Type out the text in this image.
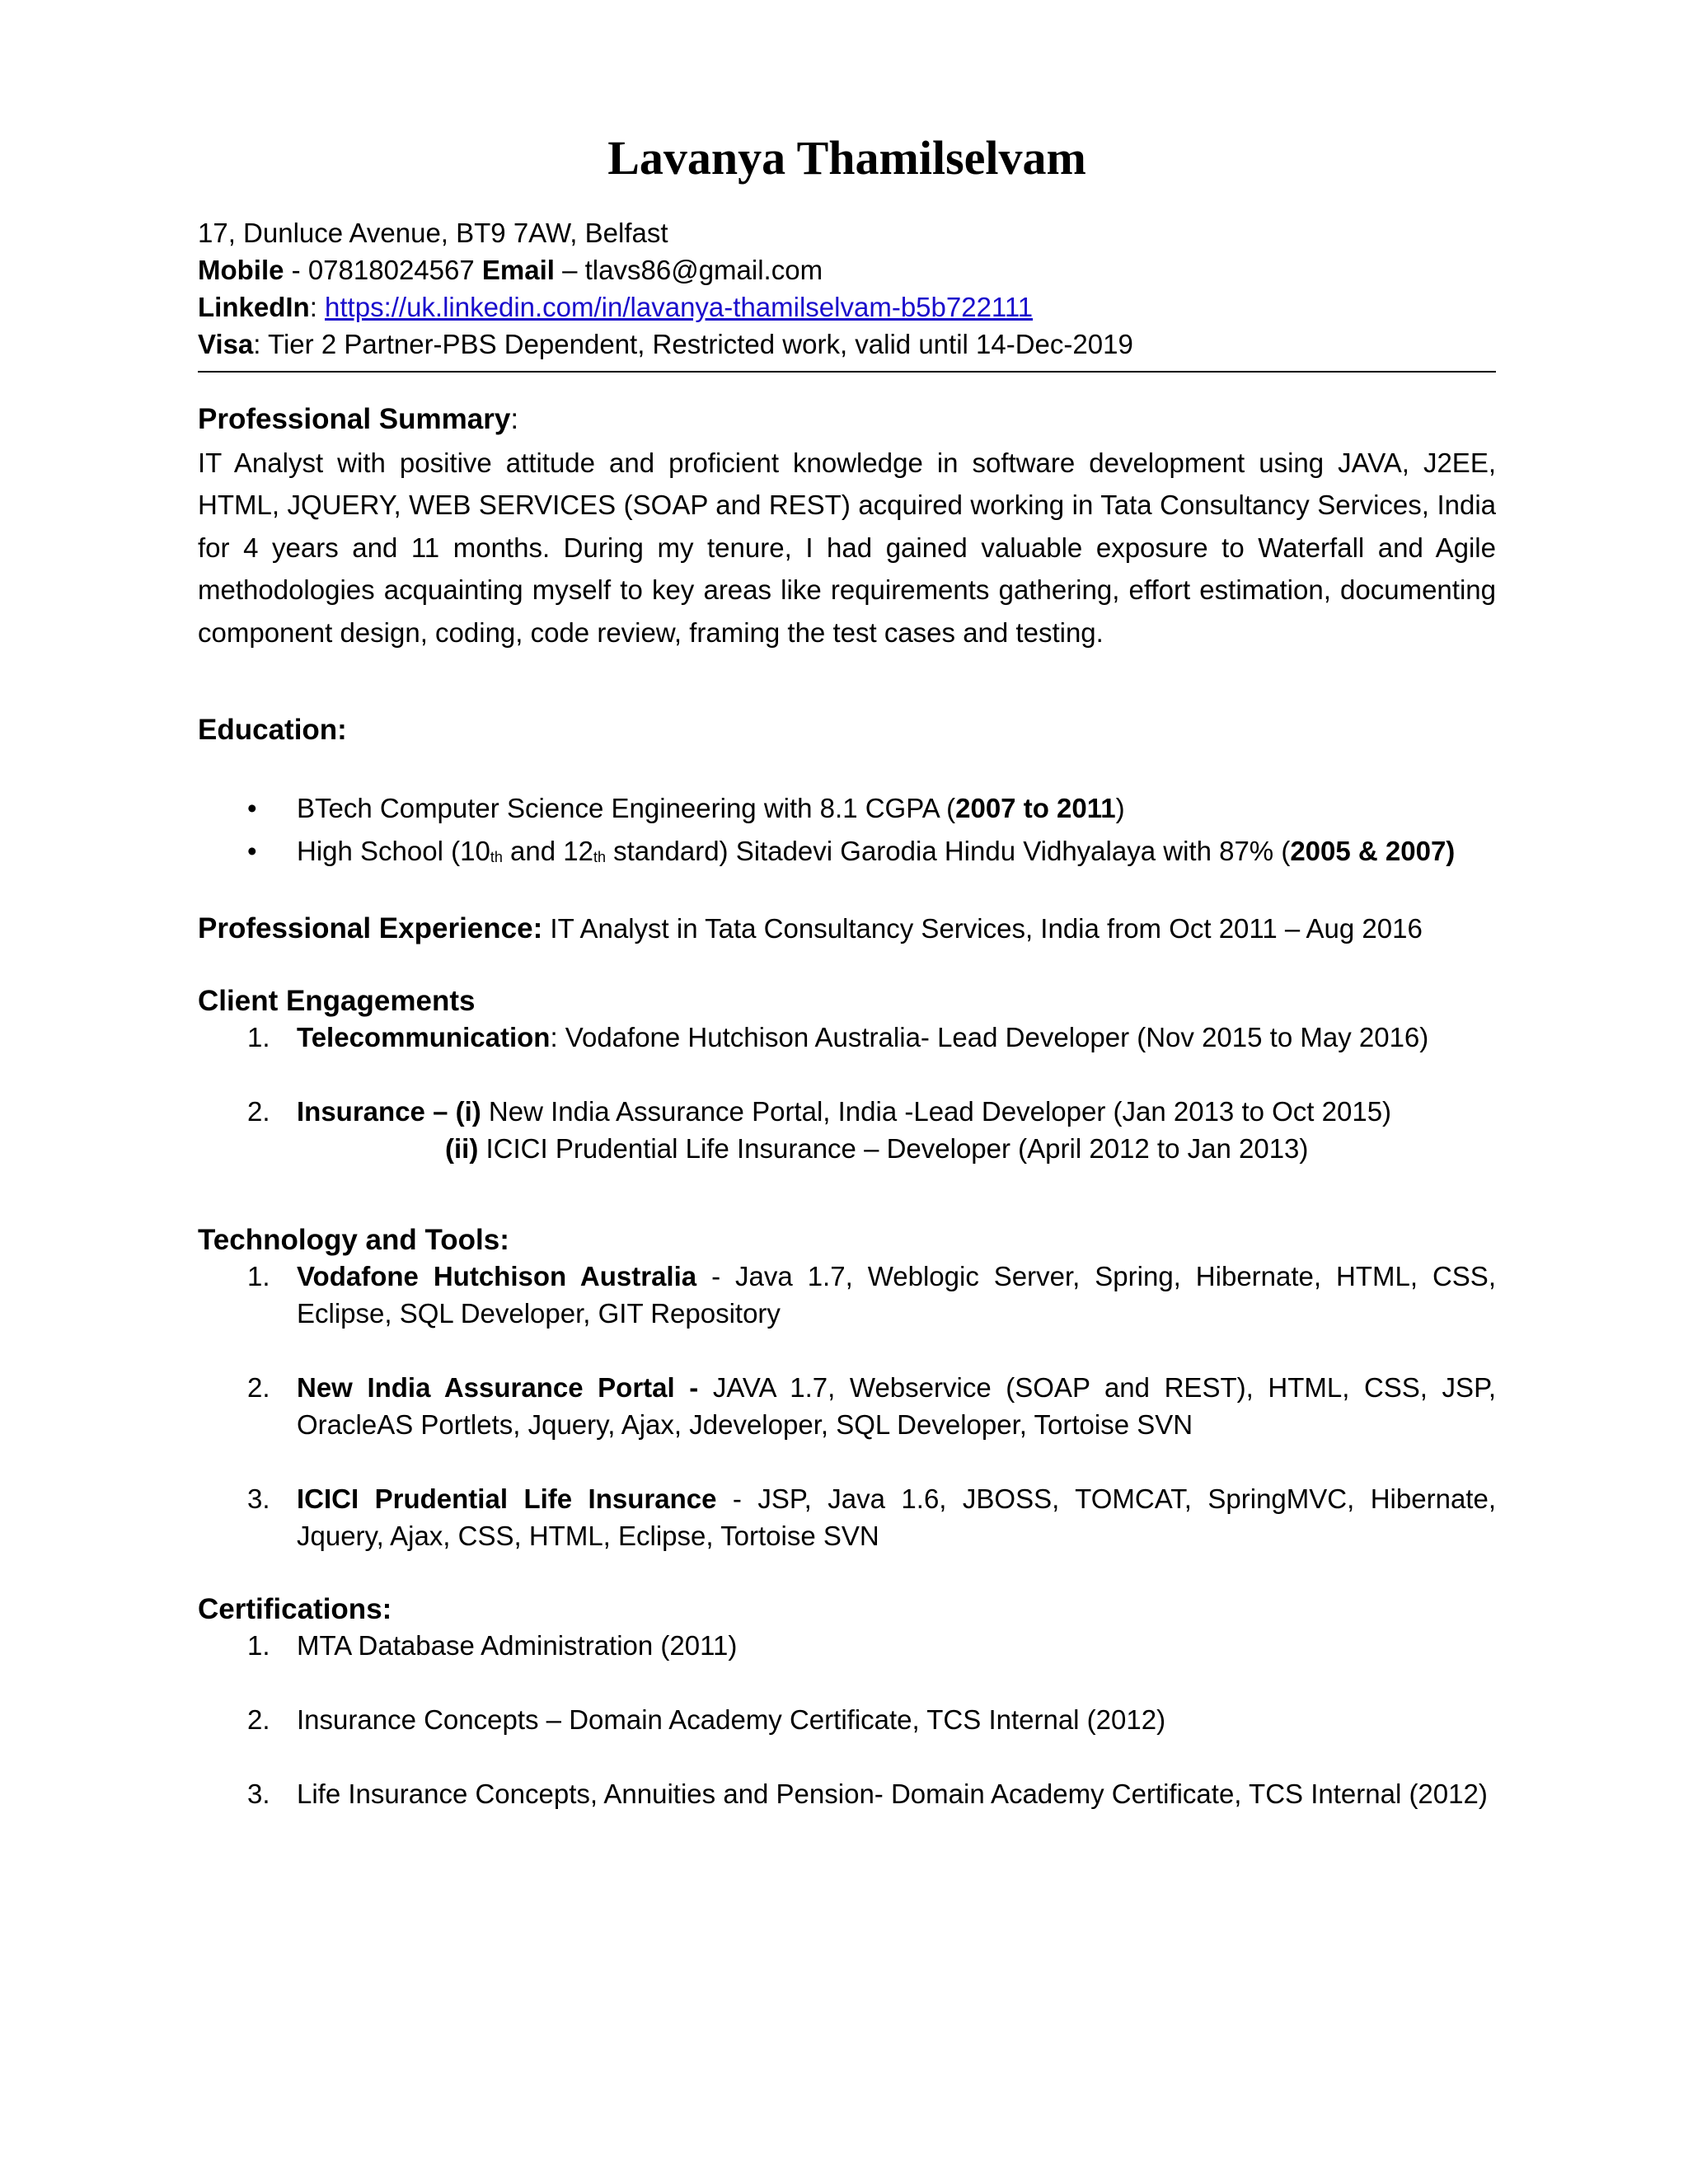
Lavanya Thamilselvam
17, Dunluce Avenue, BT9 7AW, Belfast
Mobile - 07818024567 Email – tlavs86@gmail.com
LinkedIn: https://uk.linkedin.com/in/lavanya-thamilselvam-b5b722111
Visa: Tier 2 Partner-PBS Dependent, Restricted work, valid until 14-Dec-2019
Professional Summary:

IT Analyst with positive attitude and proficient knowledge in software development using JAVA, J2EE, HTML, JQUERY, WEB SERVICES (SOAP and REST) acquired working in Tata Consultancy Services, India for 4 years and 11 months. During my tenure, I had gained valuable exposure to Waterfall and Agile methodologies acquainting myself to key areas like requirements gathering, effort estimation, documenting component design, coding, code review, framing the test cases and testing.

Education:
• BTech Computer Science Engineering with 8.1 CGPA (2007 to 2011)
• High School ($10_{th}$ and $12_{th}$ standard) Sitadevi Garodia Hindu Vidhyalaya with 87% (2005 & 2007)
Professional Experience: IT Analyst in Tata Consultancy Services, India from Oct 2011 – Aug 2016
Client Engagements
1. Telecommunication: Vodafone Hutchison Australia- Lead Developer (Nov 2015 to May 2016)
2. Insurance – (i) New India Assurance Portal, India -Lead Developer (Jan 2013 to Oct 2015)
(ii) ICICI Prudential Life Insurance – Developer (April 2012 to Jan 2013)
Technology and Tools:
1. Vodafone Hutchison Australia - Java 1.7, Weblogic Server, Spring, Hibernate, HTML, CSS, Eclipse, SQL Developer, GIT Repository
2. New India Assurance Portal - JAVA 1.7, Webservice (SOAP and REST), HTML, CSS, JSP, OracleAS Portlets, Jquery, Ajax, Jdeveloper, SQL Developer, Tortoise SVN
3. ICICI Prudential Life Insurance - JSP, Java 1.6, JBOSS, TOMCAT, SpringMVC, Hibernate, Jquery, Ajax, CSS, HTML, Eclipse, Tortoise SVN
Certifications:
1. MTA Database Administration (2011)
2. Insurance Concepts – Domain Academy Certificate, TCS Internal (2012)
3. Life Insurance Concepts, Annuities and Pension- Domain Academy Certificate, TCS Internal (2012)
